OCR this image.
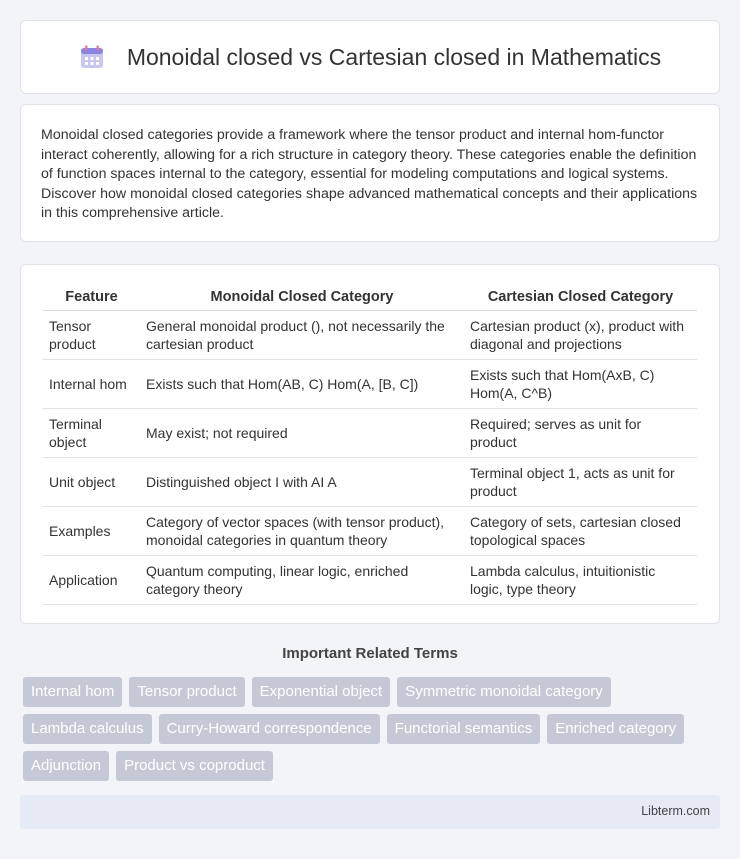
Monoidal closed vs Cartesian closed in Mathematics

Monoidal closed categories provide a framework where the tensor product and internal hom-functor interact coherently, allowing for a rich structure in category theory. These categories enable the definition of function spaces internal to the category, essential for modeling computations and logical systems. Discover how monoidal closed categories shape advanced mathematical concepts and their applications in this comprehensive article.

Feature	Monoidal Closed Category	Cartesian Closed Category
Tensor product	General monoidal product (), not necessarily the cartesian product	Cartesian product (x), product with diagonal and projections
Internal hom	Exists such that Hom(AB, C) Hom(A, [B, C])	Exists such that Hom(AxB, C) Hom(A, C^B)
Terminal object	May exist; not required	Required; serves as unit for product
Unit object	Distinguished object I with AI A	Terminal object 1, acts as unit for product
Examples	Category of vector spaces (with tensor product), monoidal categories in quantum theory	Category of sets, cartesian closed topological spaces
Application	Quantum computing, linear logic, enriched category theory	Lambda calculus, intuitionistic logic, type theory
Important Related Terms
Internal hom	Tensor product	Exponential object	Symmetric monoidal category
Lambda calculus	Curry-Howard correspondence	Functorial semantics	Enriched category
Adjunction	Product vs coproduct
Libterm.com
